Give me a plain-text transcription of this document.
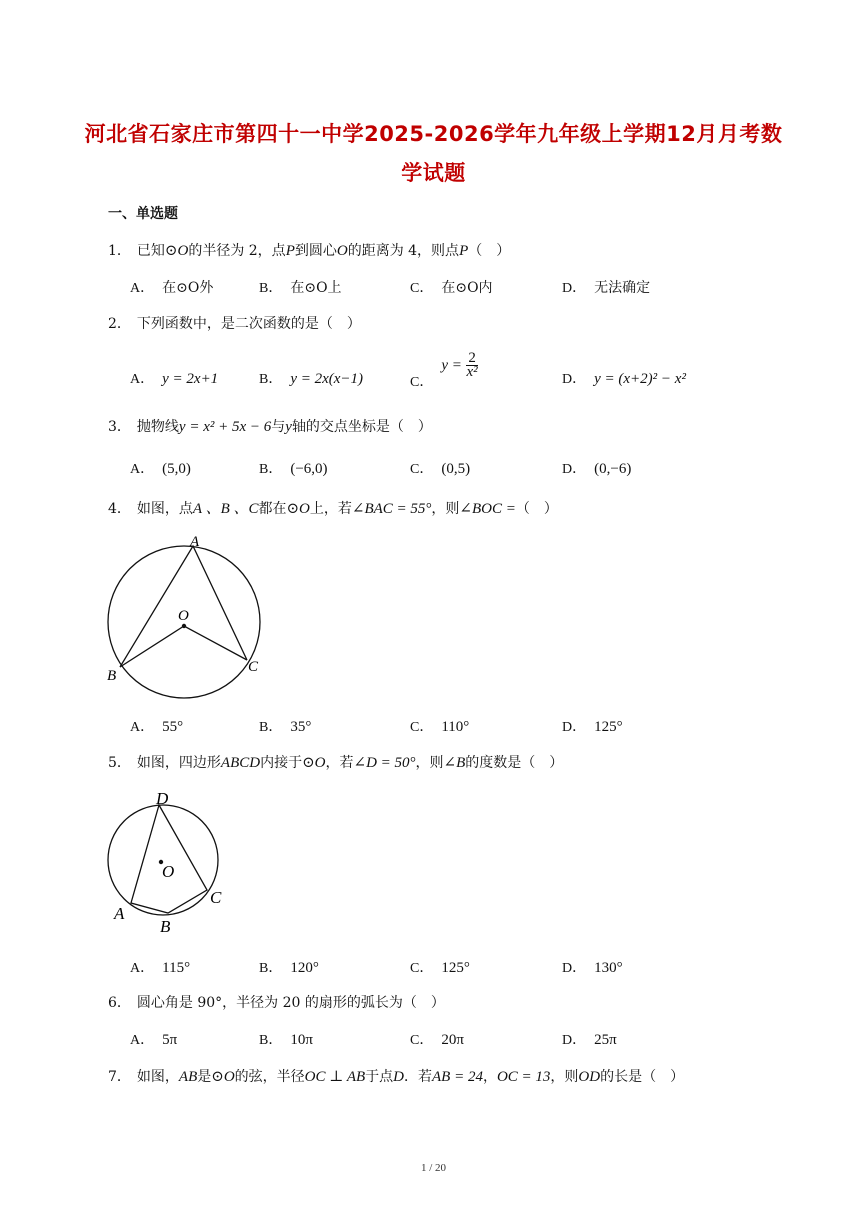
河北省石家庄市第四十一中学2025-2026学年九年级上学期12月月考数
学试题
一、单选题
1． 已知⊙O的半径为 2，点P到圆心O的距离为 4，则点P（　）
A． 在⊙O外	B． 在⊙O上	C． 在⊙O内	D． 无法确定
2． 下列函数中，是二次函数的是（　）
A． y = 2x+1	B． y = 2x(x−1)	C．$y = \frac{2}{\text{x²}}$
D． y = (x+2)² − x²
3． 抛物线y = x² + 5x − 6与y轴的交点坐标是（　）
A． (5,0)	B． (−6,0)	C． (0,5)	D． (0,−6)
4． 如图，点A 、B 、C都在⊙O上，若∠BAC = 55°，则∠BOC =（　）
A
O
B
C
A． 55°	B． 35°	C． 110°	D． 125°
5． 如图，四边形ABCD内接于⊙O，若∠D = 50°，则∠B的度数是（　）
D
O
C
A
B
A． 115°	B． 120°	C． 125°	D． 130°
6． 圆心角是 90°，半径为 20 的扇形的弧长为（　）
A． 5π	B． 10π	C． 20π	D． 25π
7． 如图，AB是⊙O的弦，半径OC ⊥ AB于点D．若AB = 24，OC = 13，则OD的长是（　）
1 / 20
